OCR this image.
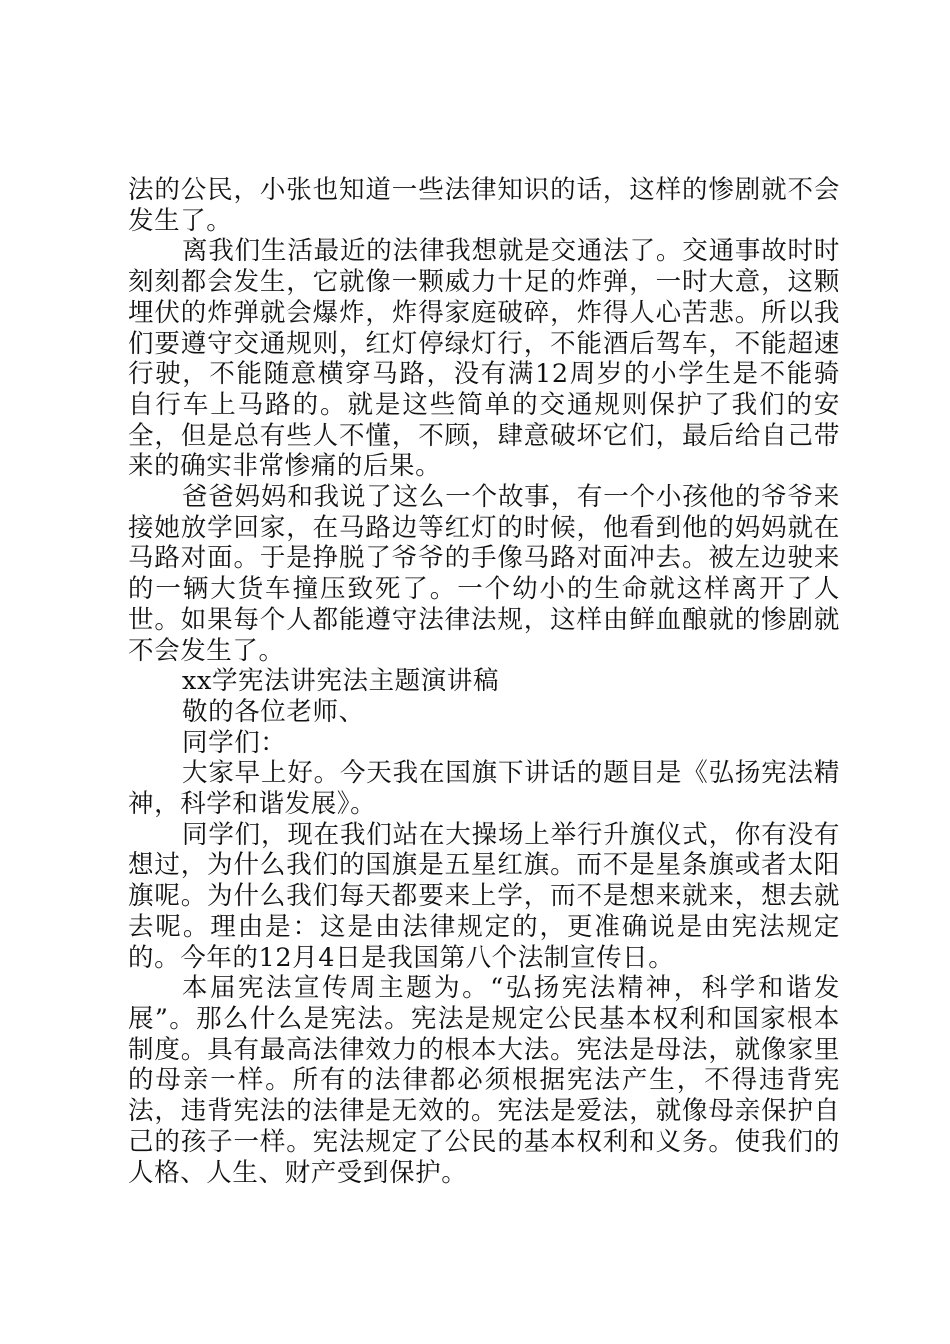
法的公民，小张也知道一些法律知识的话，这样的惨剧就不会发生了。

离我们生活最近的法律我想就是交通法了。交通事故时时刻刻都会发生，它就像一颗威力十足的炸弹，一时大意，这颗埋伏的炸弹就会爆炸，炸得家庭破碎，炸得人心苦悲。所以我们要遵守交通规则，红灯停绿灯行，不能酒后驾车，不能超速行驶，不能随意横穿马路，没有满12周岁的小学生是不能骑自行车上马路的。就是这些简单的交通规则保护了我们的安全，但是总有些人不懂，不顾，肆意破坏它们，最后给自己带来的确实非常惨痛的后果。

爸爸妈妈和我说了这么一个故事，有一个小孩他的爷爷来接她放学回家，在马路边等红灯的时候，他看到他的妈妈就在马路对面。于是挣脱了爷爷的手像马路对面冲去。被左边驶来的一辆大货车撞压致死了。一个幼小的生命就这样离开了人世。如果每个人都能遵守法律法规，这样由鲜血酿就的惨剧就不会发生了。

xx学宪法讲宪法主题演讲稿

敬的各位老师、

同学们：

大家早上好。今天我在国旗下讲话的题目是《弘扬宪法精神，科学和谐发展》。

同学们，现在我们站在大操场上举行升旗仪式，你有没有想过，为什么我们的国旗是五星红旗。而不是星条旗或者太阳旗呢。为什么我们每天都要来上学，而不是想来就来，想去就去呢。理由是：这是由法律规定的，更准确说是由宪法规定的。今年的12月4日是我国第八个法制宣传日。

本届宪法宣传周主题为。“弘扬宪法精神，科学和谐发展”。那么什么是宪法。宪法是规定公民基本权利和国家根本制度。具有最高法律效力的根本大法。宪法是母法，就像家里的母亲一样。所有的法律都必须根据宪法产生，不得违背宪法，违背宪法的法律是无效的。宪法是爱法，就像母亲保护自己的孩子一样。宪法规定了公民的基本权利和义务。使我们的人格、人生、财产受到保护。
